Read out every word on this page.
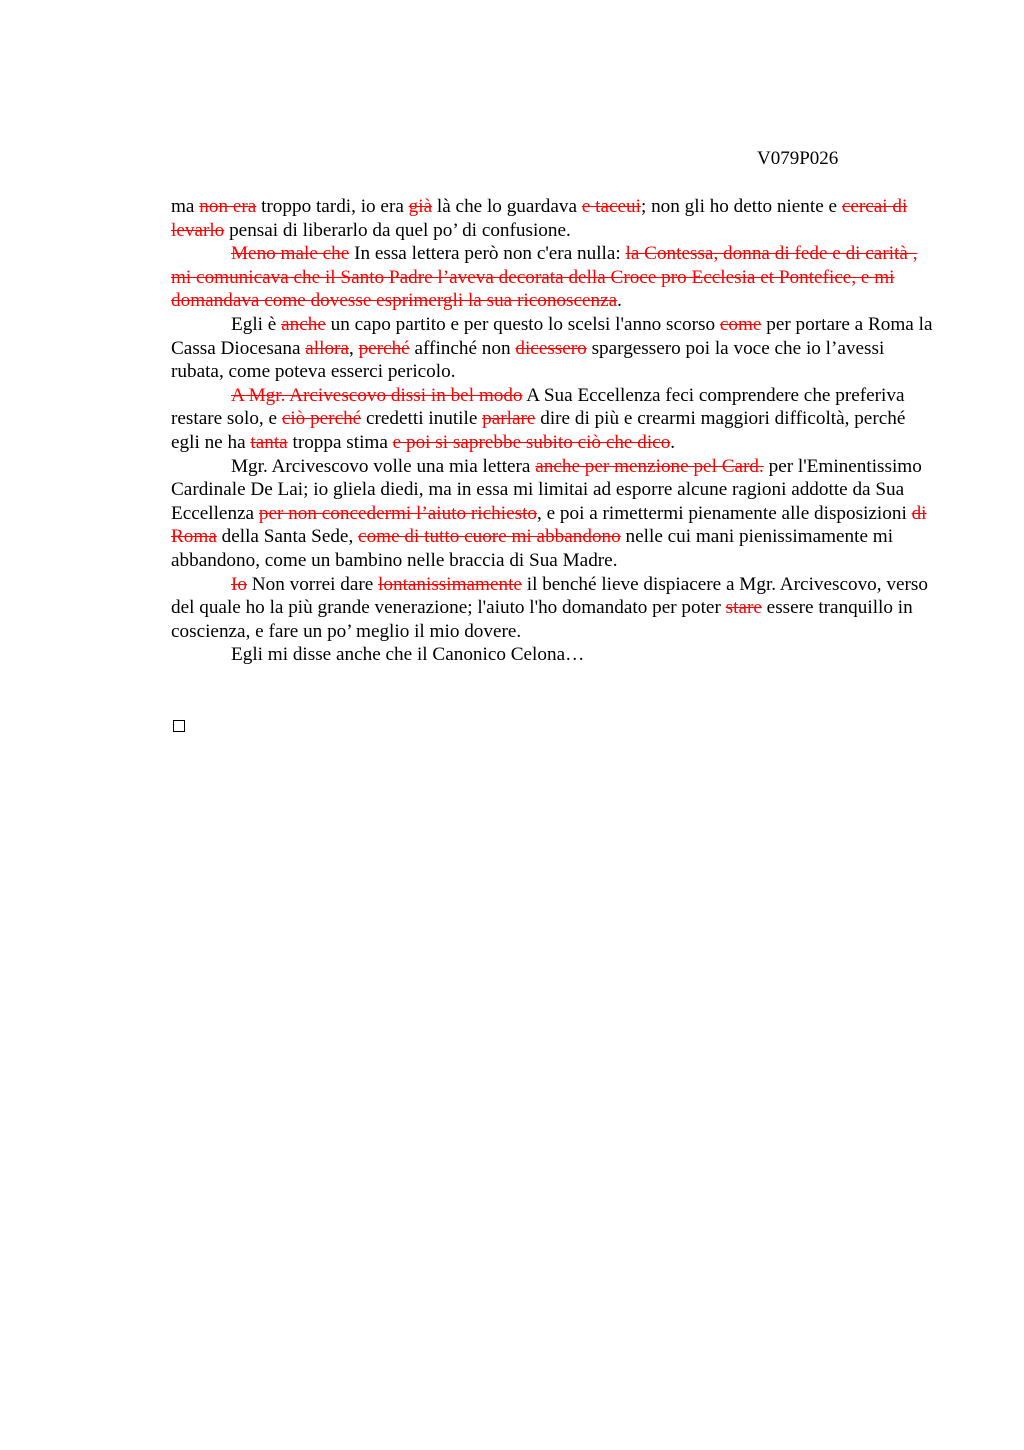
V079P026

ma non era troppo tardi, io era già là che lo guardava e taceui; non gli ho detto niente e cercai di levarlo pensai di liberarlo da quel po’ di confusione.

Meno male che In essa lettera però non c'era nulla: la Contessa, donna di fede e di carità , mi comunicava che il Santo Padre l’aveva decorata della Croce pro Ecclesia et Pontefice, e mi domandava come dovesse esprimergli la sua riconoscenza.

Egli è anche un capo partito e per questo lo scelsi l'anno scorso come per portare a Roma la Cassa Diocesana allora, perché affinché non dicessero spargessero poi la voce che io l’avessi rubata, come poteva esserci pericolo.

A Mgr. Arcivescovo dissi in bel modo A Sua Eccellenza feci comprendere che preferiva restare solo, e ciò perché credetti inutile parlare dire di più e crearmi maggiori difficoltà, perché egli ne ha tanta troppa stima e poi si saprebbe subito ciò che dico.

Mgr. Arcivescovo volle una mia lettera anche per menzione pel Card. per l'Eminentissimo Cardinale De Lai; io gliela diedi, ma in essa mi limitai ad esporre alcune ragioni addotte da Sua Eccellenza per non concedermi l’aiuto richiesto, e poi a rimettermi pienamente alle disposizioni di Roma della Santa Sede, come di tutto cuore mi abbandono nelle cui mani pienissimamente mi abbandono, come un bambino nelle braccia di Sua Madre.

Io Non vorrei dare lontanissimamente il benché lieve dispiacere a Mgr. Arcivescovo, verso del quale ho la più grande venerazione; l'aiuto l'ho domandato per poter stare essere tranquillo in coscienza, e fare un po’ meglio il mio dovere.

Egli mi disse anche che il Canonico Celona…
